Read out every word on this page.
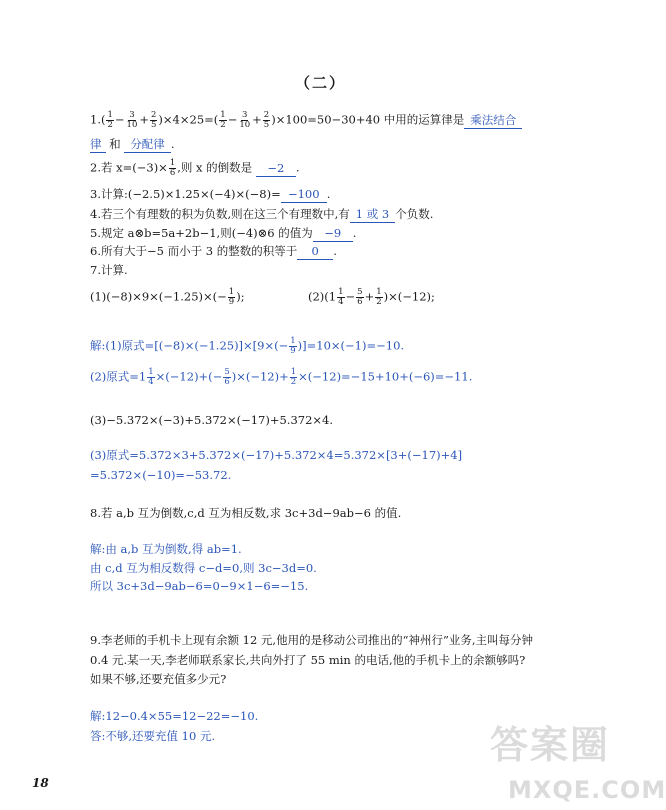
（二）
$1.( \frac{1}{2} - \frac{3}{10} + \frac{2}{5} )\times 4\times 25=( \frac{1}{2} - \frac{3}{10} + \frac{2}{5} )\times 100=50-30+40$ 中用的运算律是 乘法结合
律 和 分配律 .
2.若 $x=(-3)\times \frac{1}{6}$ ,则 x 的倒数是 −2 .
3.计算:(−2.5)×1.25×(−4)×(−8)= −100 .
4.若三个有理数的积为负数,则在这三个有理数中,有 1 或 3 个负数.
5.规定 a⊗b=5a+2b−1,则(−4)⊗6 的值为 −9 .
6.所有大于−5 而小于 3 的整数的积等于 0 .
7.计算.
$(1)(-8)\times 9\times(-1.25)\times(- \frac{1}{9}$ );	$(2)(1 \frac{1}{4} - \frac{5}{6} + \frac{1}{2} )\times(-12)$;
解:(1)原式$=[(-8)\times(-1.25)]\times[9\times(- \frac{1}{9} )]=10\times(-1)=-10$.
(2)原式$=1 \frac{1}{4} \times(-12)+(- \frac{5}{6} )\times(-12)+ \frac{1}{2} \times(-12)=-15+10+(-6)=-11$.
(3)−5.372×(−3)+5.372×(−17)+5.372×4.
(3)原式=5.372×3+5.372×(−17)+5.372×4=5.372×[3+(−17)+4]
=5.372×(−10)=−53.72.
8.若 a,b 互为倒数,c,d 互为相反数,求 3c+3d−9ab−6 的值.
解:由 a,b 互为倒数,得 ab=1.
由 c,d 互为相反数得 c−d=0,则 3c−3d=0.
所以 3c+3d−9ab−6=0−9×1−6=−15.
9.李老师的手机卡上现有余额 12 元,他用的是移动公司推出的“神州行”业务,主叫每分钟
0.4 元.某一天,李老师联系家长,共向外打了 55 min 的电话,他的手机卡上的余额够吗?
如果不够,还要充值多少元?
解:12−0.4×55=12−22=−10.
答:不够,还要充值 10 元.
18
答案圈
MXQE.COM
